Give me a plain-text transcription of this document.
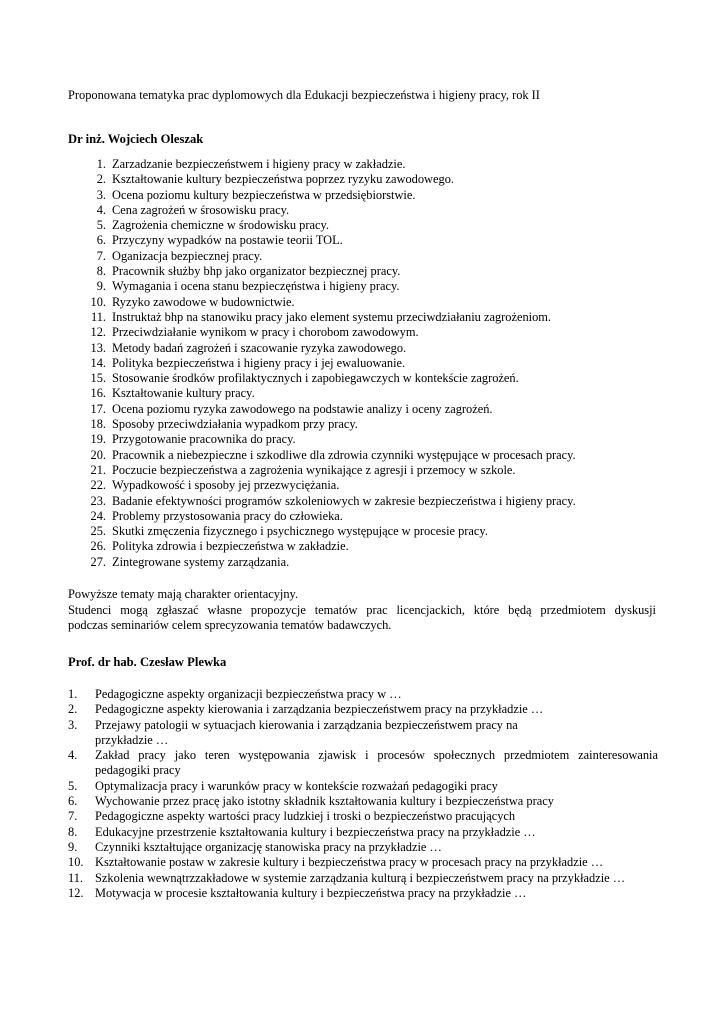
Proponowana tematyka prac dyplomowych dla Edukacji bezpieczeństwa i higieny pracy, rok II
Dr inż. Wojciech Oleszak
1. Zarzadzanie bezpieczeństwem i higieny pracy w zakładzie.
2. Kształtowanie kultury bezpieczeństwa poprzez ryzyku zawodowego.
3. Ocena poziomu kultury bezpieczeństwa w przedsiębiorstwie.
4. Cena zagrożeń w śrosowisku pracy.
5. Zagrożenia chemiczne w środowisku pracy.
6. Przyczyny wypadków na postawie teorii TOL.
7. Oganizacja bezpiecznej pracy.
8. Pracownik służby bhp jako organizator bezpiecznej pracy.
9. Wymagania i ocena stanu bezpieczęństwa i higieny pracy.
10. Ryzyko zawodowe w budownictwie.
11. Instruktaż bhp na stanowiku pracy jako element systemu przeciwdziałaniu zagrożeniom.
12. Przeciwdziałanie wynikom w pracy i chorobom zawodowym.
13. Metody badań zagrożeń i szacowanie ryzyka zawodowego.
14. Polityka bezpieczeństwa i higieny pracy i jej ewaluowanie.
15. Stosowanie środków profilaktycznych i zapobiegawczych w kontekście zagrożeń.
16. Kształtowanie kultury pracy.
17. Ocena poziomu ryzyka zawodowego na podstawie analizy i oceny zagrożeń.
18. Sposoby przeciwdziałania wypadkom przy pracy.
19. Przygotowanie pracownika do pracy.
20. Pracownik a niebezpieczne i szkodliwe dla zdrowia czynniki występujące w procesach pracy.
21. Poczucie bezpieczeństwa a zagrożenia wynikające z agresji i przemocy w szkole.
22. Wypadkowość i sposoby jej przezwyciężania.
23. Badanie efektywności programów szkoleniowych w zakresie bezpieczeństwa i higieny pracy.
24. Problemy przystosowania pracy do człowieka.
25. Skutki zmęczenia fizycznego i psychicznego występujące w procesie pracy.
26. Polityka zdrowia i bezpieczeństwa w zakładzie.
27. Zintegrowane systemy zarządzania.
Powyższe tematy mają charakter orientacyjny.
Studenci mogą zgłaszać własne propozycje tematów prac licencjackich, które będą przedmiotem dyskusji
podczas seminariów celem sprecyzowania tematów badawczych.
Prof. dr hab. Czesław Plewka
1. Pedagogiczne aspekty organizacji bezpieczeństwa pracy w …
2. Pedagogiczne aspekty kierowania i zarządzania bezpieczeństwem pracy na przykładzie …
3. Przejawy patologii w sytuacjach kierowania i zarządzania bezpieczeństwem pracy na przykładzie …
4. Zakład pracy jako teren występowania zjawisk i procesów społecznych przedmiotem zainteresowania pedagogiki pracy
5. Optymalizacja pracy i warunków pracy w kontekście rozważań pedagogiki pracy
6. Wychowanie przez pracę jako istotny składnik kształtowania kultury i bezpieczeństwa pracy
7. Pedagogiczne aspekty wartości pracy ludzkiej i troski o bezpieczeństwo pracujących
8. Edukacyjne przestrzenie kształtowania kultury i bezpieczeństwa pracy na przykładzie …
9. Czynniki kształtujące organizację stanowiska pracy na przykładzie …
10. Kształtowanie postaw w zakresie kultury i bezpieczeństwa pracy w procesach pracy na przykładzie …
11. Szkolenia wewnątrzzakładowe w systemie zarządzania kulturą i bezpieczeństwem pracy na przykładzie …
12. Motywacja w procesie kształtowania kultury i bezpieczeństwa pracy na przykładzie …
